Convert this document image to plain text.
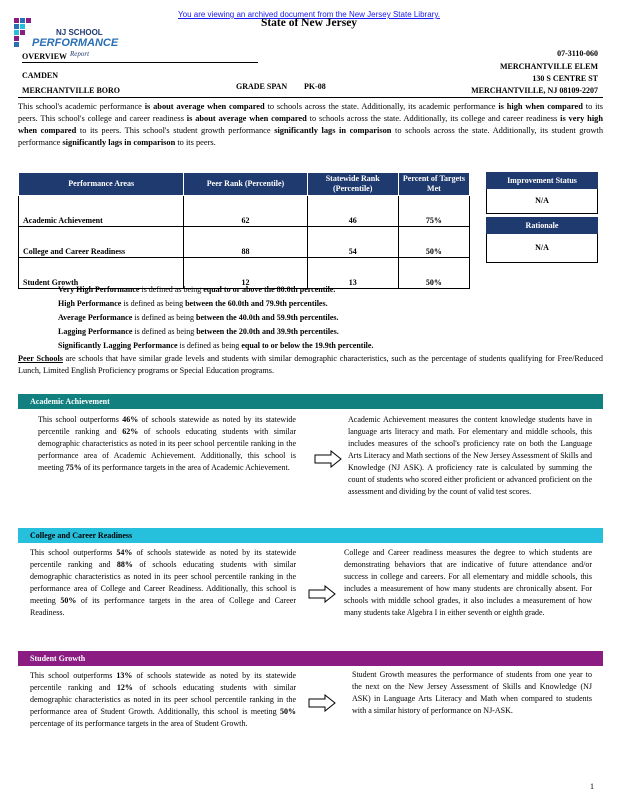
You are viewing an archived document from the New Jersey State Library.
NJ SCHOOL
PERFORMANCE
Report
State of New Jersey
OVERVIEW	07-3110-060
CAMDEN
MERCHANTVILLE ELEM
130 S CENTRE ST
MERCHANTVILLE BORO	GRADE SPAN PK-08	MERCHANTVILLE, NJ 08109-2207
This school's academic performance is about average when compared to schools across the state. Additionally, its academic performance is high when compared to its peers. This school's college and career readiness is about average when compared to schools across the state. Additionally, its college and career readiness is very high when compared to its peers. This school's student growth performance significantly lags in comparison to schools across the state. Additionally, its student growth performance significantly lags in comparison to its peers.
Performance Areas	Peer Rank (Percentile)	Statewide Rank (Percentile)	Percent of Targets Met
Academic Achievement	62	46	75%
College and Career Readiness	88	54	50%
Student Growth	12	13	50%
Improvement Status
N/A
Rationale
N/A
Very High Performance is defined as being equal to or above the 80.0th percentile.
High Performance is defined as being between the 60.0th and 79.9th percentiles.
Average Performance is defined as being between the 40.0th and 59.9th percentiles.
Lagging Performance is defined as being between the 20.0th and 39.9th percentiles.
Significantly Lagging Performance is defined as being equal to or below the 19.9th percentile.
Peer Schools are schools that have similar grade levels and students with similar demographic characteristics, such as the percentage of students qualifying for Free/Reduced Lunch, Limited English Proficiency programs or Special Education programs.
Academic Achievement
This school outperforms 46% of schools statewide as noted by its statewide percentile ranking and 62% of schools educating students with similar demographic characteristics as noted in its peer school percentile ranking in the performance area of Academic Achievement. Additionally, this school is meeting 75% of its performance targets in the area of Academic Achievement.
Academic Achievement measures the content knowledge students have in language arts literacy and math. For elementary and middle schools, this includes measures of the school's proficiency rate on both the Language Arts Literacy and Math sections of the New Jersey Assessment of Skills and Knowledge (NJ ASK). A proficiency rate is calculated by summing the count of students who scored either proficient or advanced proficient on the assessment and dividing by the count of valid test scores.
College and Career Readiness
This school outperforms 54% of schools statewide as noted by its statewide percentile ranking and 88% of schools educating students with similar demographic characteristics as noted in its peer school percentile ranking in the performance area of College and Career Readiness. Additionally, this school is meeting 50% of its performance targets in the area of College and Career Readiness.
College and Career readiness measures the degree to which students are demonstrating behaviors that are indicative of future attendance and/or success in college and careers. For all elementary and middle schools, this includes a measurement of how many students are chronically absent. For schools with middle school grades, it also includes a measurement of how many students take Algebra I in either seventh or eighth grade.
Student Growth
This school outperforms 13% of schools statewide as noted by its statewide percentile ranking and 12% of schools educating students with similar demographic characteristics as noted in its peer school percentile ranking in the performance area of Student Growth. Additionally, this school is meeting 50% percentage of its performance targets in the area of Student Growth.
Student Growth measures the performance of students from one year to the next on the New Jersey Assessment of Skills and Knowledge (NJ ASK) in Language Arts Literacy and Math when compared to students with a similar history of performance on NJ-ASK.
1
